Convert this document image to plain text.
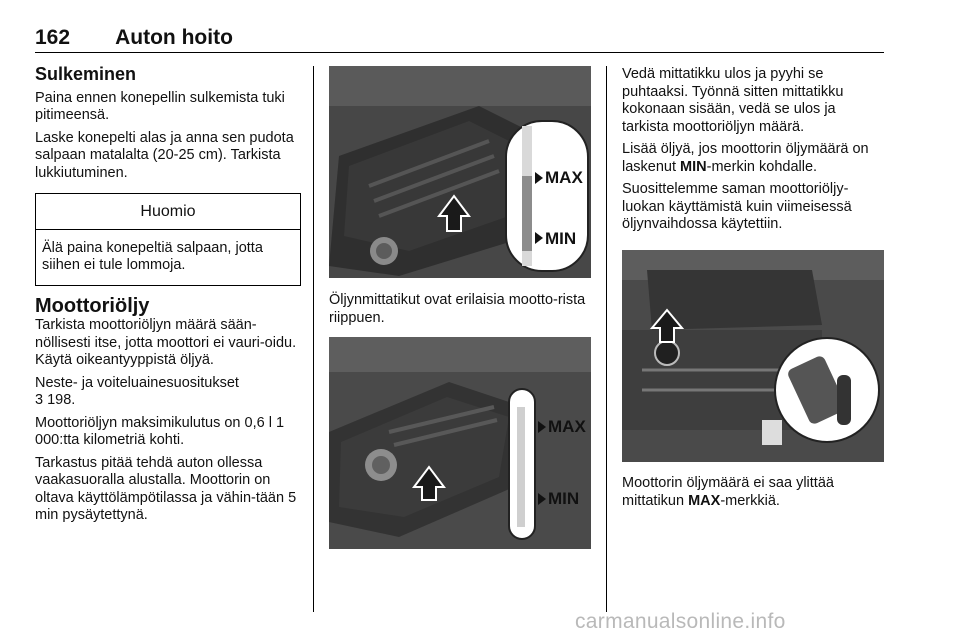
162 Auton hoito
Sulkeminen

Paina ennen konepellin sulkemista tuki pitimeensä.

Laske konepelti alas ja anna sen pudota salpaan matalalta (20-25 cm). Tarkista lukkiutuminen.

Huomio
Älä paina konepeltiä salpaan, jotta siihen ei tule lommoja.
Moottoriöljy

Tarkista moottoriöljyn määrä sään-nöllisesti itse, jotta moottori ei vauri-oidu. Käytä oikeantyyppistä öljyä.

Neste- ja voiteluainesuositukset
3 198.

Moottoriöljyn maksimikulutus on 0,6 l 1 000:tta kilometriä kohti.

Tarkastus pitää tehdä auton ollessa vaakasuoralla alustalla. Moottorin on oltava käyttölämpötilassa ja vähin-tään 5 min pysäytettynä.

MAX
MIN
Öljynmittatikut ovat erilaisia mootto-rista riippuen.
MAX
MIN

Vedä mittatikku ulos ja pyyhi se puhtaaksi. Työnnä sitten mittatikku kokonaan sisään, vedä se ulos ja tarkista moottoriöljyn määrä.

Lisää öljyä, jos moottorin öljymäärä on laskenut MIN-merkin kohdalle.

Suosittelemme saman moottoriöljy-luokan käyttämistä kuin viimeisessä öljynvaihdossa käytettiin.

Moottorin öljymäärä ei saa ylittää mittatikun MAX-merkkiä.

carmanualsonline.info
